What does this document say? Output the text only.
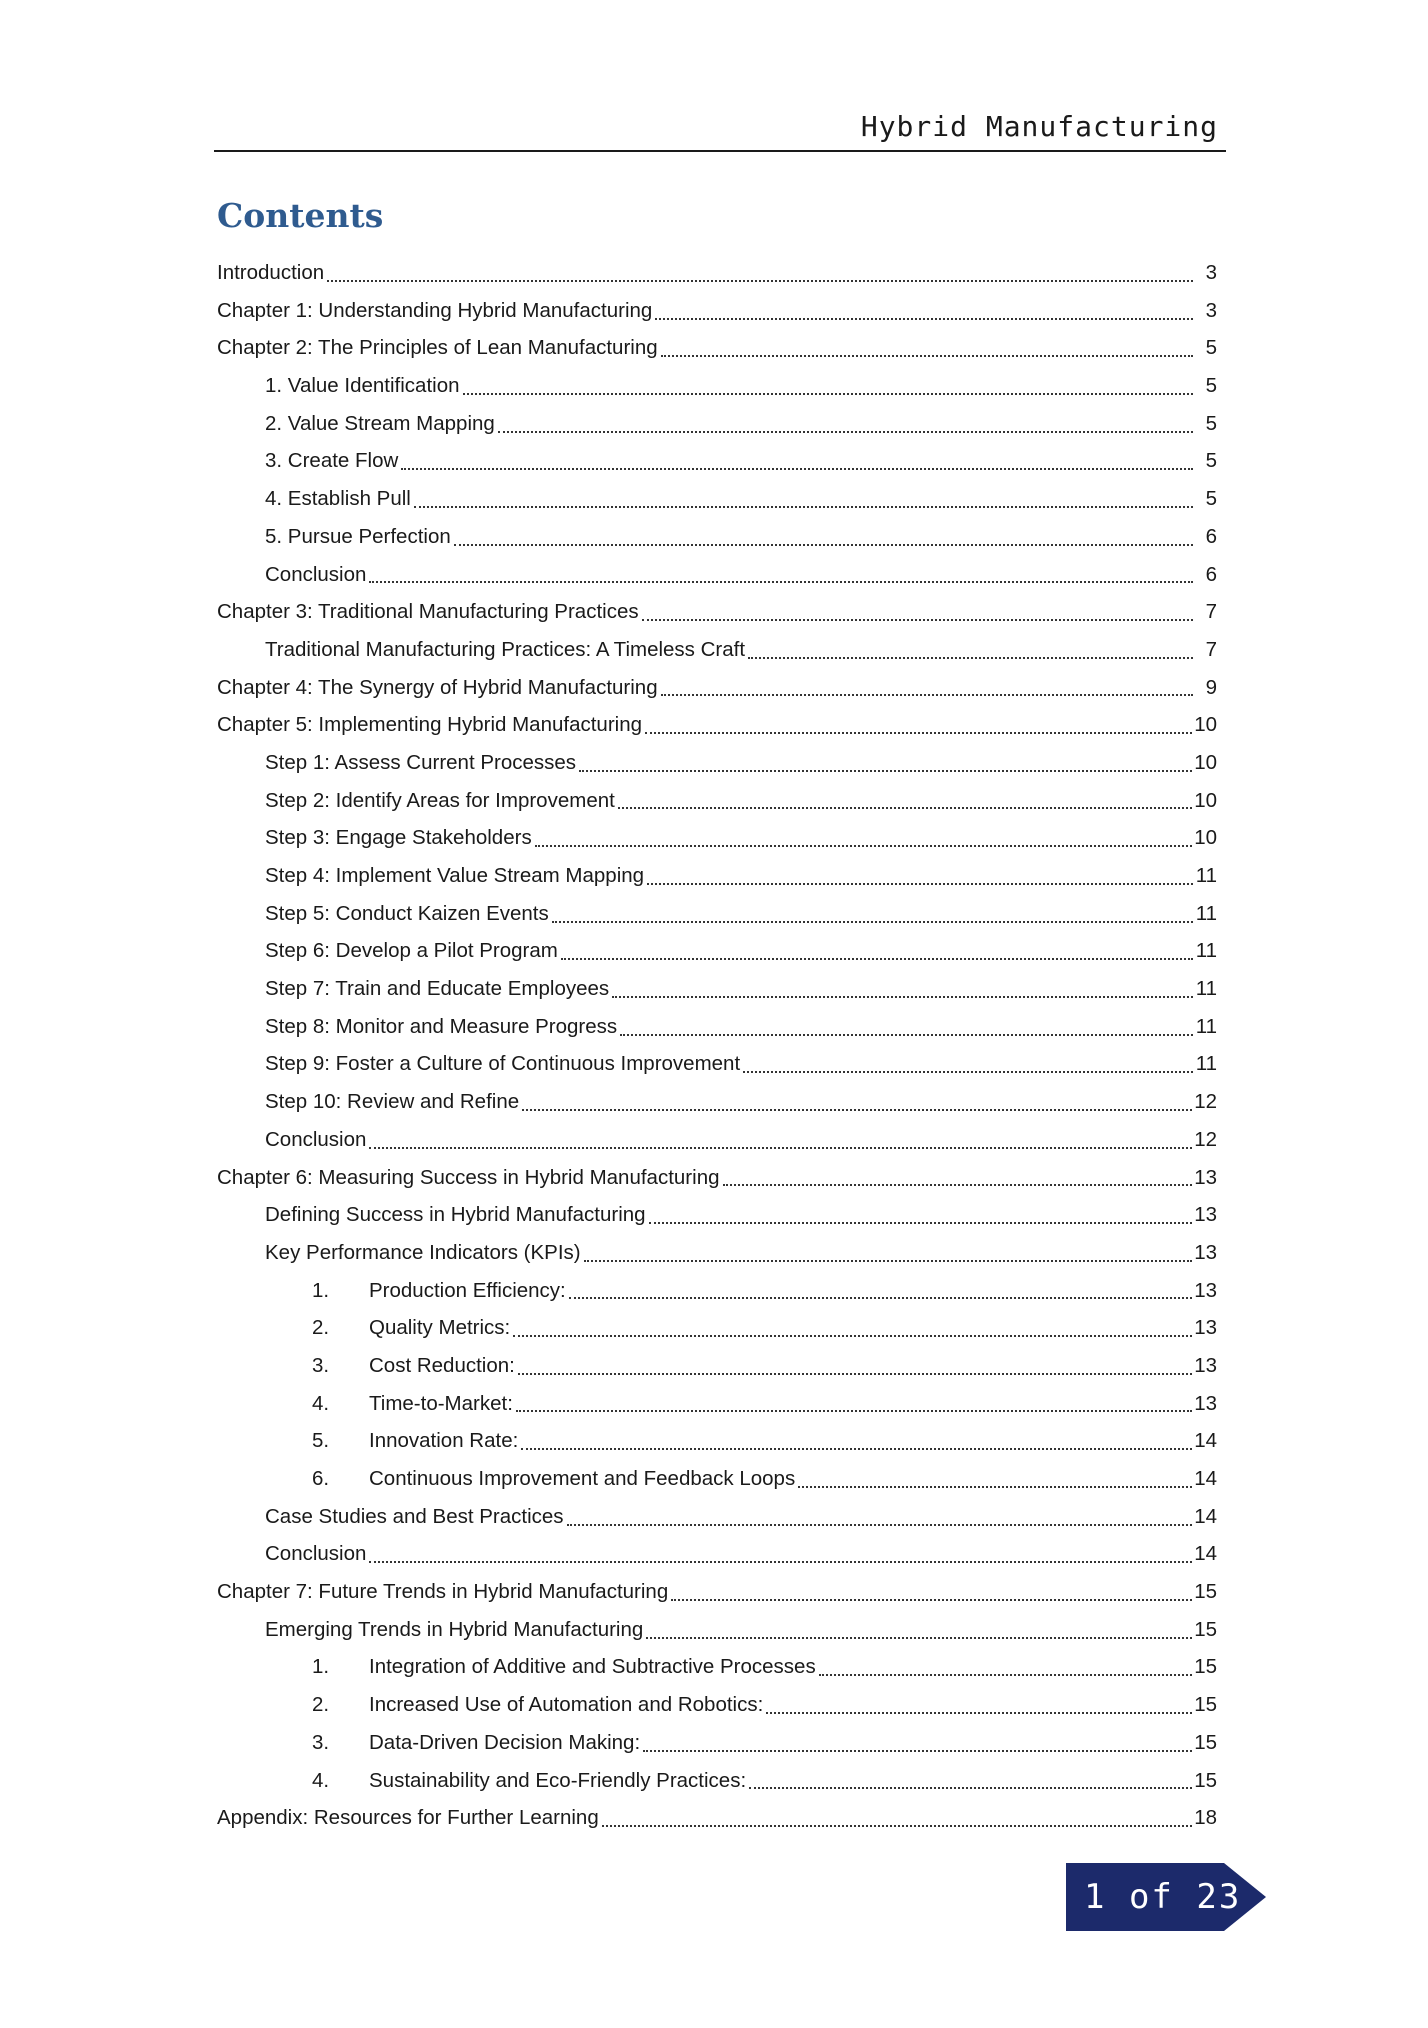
Hybrid Manufacturing
Contents
Introduction	3
Chapter 1: Understanding Hybrid Manufacturing	3
Chapter 2: The Principles of Lean Manufacturing	5
1. Value Identification	5
2. Value Stream Mapping	5
3. Create Flow	5
4. Establish Pull	5
5. Pursue Perfection	6
Conclusion	6
Chapter 3: Traditional Manufacturing Practices	7
Traditional Manufacturing Practices: A Timeless Craft	7
Chapter 4: The Synergy of Hybrid Manufacturing	9
Chapter 5: Implementing Hybrid Manufacturing	10
Step 1: Assess Current Processes	10
Step 2: Identify Areas for Improvement	10
Step 3: Engage Stakeholders	10
Step 4: Implement Value Stream Mapping	11
Step 5: Conduct Kaizen Events	11
Step 6: Develop a Pilot Program	11
Step 7: Train and Educate Employees	11
Step 8: Monitor and Measure Progress	11
Step 9: Foster a Culture of Continuous Improvement	11
Step 10: Review and Refine	12
Conclusion	12
Chapter 6: Measuring Success in Hybrid Manufacturing	13
Defining Success in Hybrid Manufacturing	13
Key Performance Indicators (KPIs)	13
1.	Production Efficiency:	13
2.	Quality Metrics:	13
3.	Cost Reduction:	13
4.	Time-to-Market:	13
5.	Innovation Rate:	14
6.	Continuous Improvement and Feedback Loops	14
Case Studies and Best Practices	14
Conclusion	14
Chapter 7: Future Trends in Hybrid Manufacturing	15
Emerging Trends in Hybrid Manufacturing	15
1.	Integration of Additive and Subtractive Processes	15
2.	Increased Use of Automation and Robotics:	15
3.	Data-Driven Decision Making:	15
4.	Sustainability and Eco-Friendly Practices:	15
Appendix: Resources for Further Learning	18
1 of 23
